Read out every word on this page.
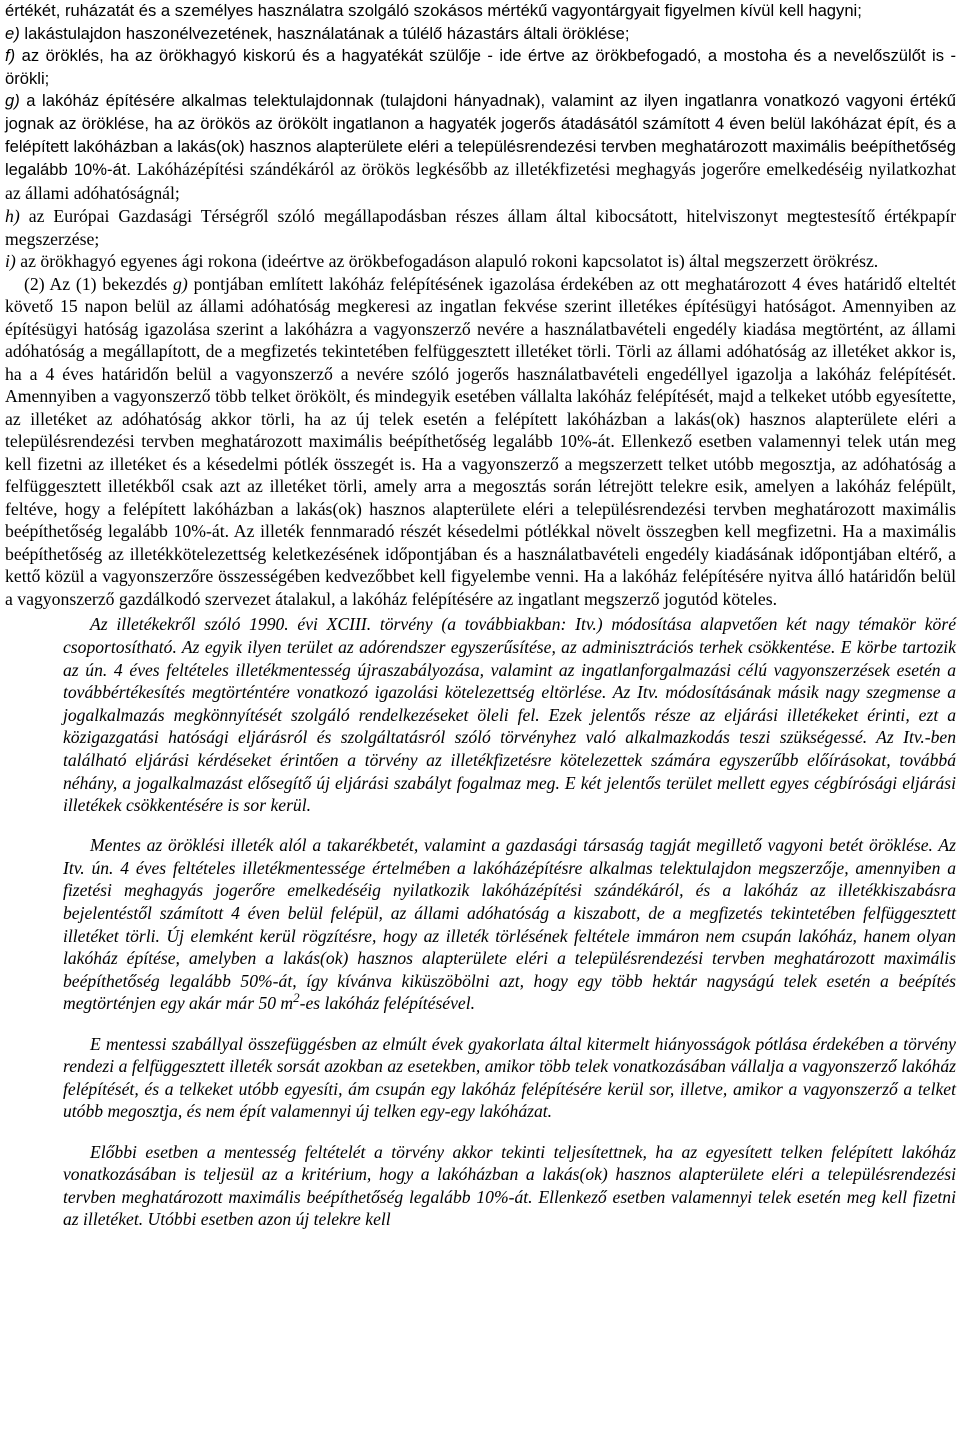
értékét, ruházatát és a személyes használatra szolgáló szokásos mértékű vagyontárgyait figyelmen kívül kell hagyni;

e) lakástulajdon haszonélvezetének, használatának a túlélő házastárs általi öröklése;

f) az öröklés, ha az örökhagyó kiskorú és a hagyatékát szülője - ide értve az örökbefogadó, a mostoha és a nevelőszülőt is - örökli;

g) a lakóház építésére alkalmas telektulajdonnak (tulajdoni hányadnak), valamint az ilyen ingatlanra vonatkozó vagyoni értékű jognak az öröklése, ha az örökös az örökölt ingatlanon a hagyaték jogerős átadásától számított 4 éven belül lakóházat épít, és a felépített lakóházban a lakás(ok) hasznos alapterülete eléri a településrendezési tervben meghatározott maximális beépíthetőség legalább 10%-át. Lakóházépítési szándékáról az örökös legkésőbb az illetékfizetési meghagyás jogerőre emelkedéséig nyilatkozhat az állami adóhatóságnál;

h) az Európai Gazdasági Térségről szóló megállapodásban részes állam által kibocsátott, hitelviszonyt megtestesítő értékpapír megszerzése;

i) az örökhagyó egyenes ági rokona (ideértve az örökbefogadáson alapuló rokoni kapcsolatot is) által megszerzett örökrész.

(2) Az (1) bekezdés g) pontjában említett lakóház felépítésének igazolása érdekében az ott meghatározott 4 éves határidő elteltét követő 15 napon belül az állami adóhatóság megkeresi az ingatlan fekvése szerint illetékes építésügyi hatóságot. Amennyiben az építésügyi hatóság igazolása szerint a lakóházra a vagyonszerző nevére a használatbavételi engedély kiadása megtörtént, az állami adóhatóság a megállapított, de a megfizetés tekintetében felfüggesztett illetéket törli. Törli az állami adóhatóság az illetéket akkor is, ha a 4 éves határidőn belül a vagyonszerző a nevére szóló jogerős használatbavételi engedéllyel igazolja a lakóház felépítését. Amennyiben a vagyonszerző több telket örökölt, és mindegyik esetében vállalta lakóház felépítését, majd a telkeket utóbb egyesítette, az illetéket az adóhatóság akkor törli, ha az új telek esetén a felépített lakóházban a lakás(ok) hasznos alapterülete eléri a településrendezési tervben meghatározott maximális beépíthetőség legalább 10%-át. Ellenkező esetben valamennyi telek után meg kell fizetni az illetéket és a késedelmi pótlék összegét is. Ha a vagyonszerző a megszerzett telket utóbb megosztja, az adóhatóság a felfüggesztett illetékből csak azt az illetéket törli, amely arra a megosztás során létrejött telekre esik, amelyen a lakóház felépült, feltéve, hogy a felépített lakóházban a lakás(ok) hasznos alapterülete eléri a településrendezési tervben meghatározott maximális beépíthetőség legalább 10%-át. Az illeték fennmaradó részét késedelmi pótlékkal növelt összegben kell megfizetni. Ha a maximális beépíthetőség az illetékkötelezettség keletkezésének időpontjában és a használatbavételi engedély kiadásának időpontjában eltérő, a kettő közül a vagyonszerzőre összességében kedvezőbbet kell figyelembe venni. Ha a lakóház felépítésére nyitva álló határidőn belül a vagyonszerző gazdálkodó szervezet átalakul, a lakóház felépítésére az ingatlant megszerző jogutód köteles.

Az illetékekről szóló 1990. évi XCIII. törvény (a továbbiakban: Itv.) módosítása alapvetően két nagy témakör köré csoportosítható. Az egyik ilyen terület az adórendszer egyszerűsítése, az adminisztrációs terhek csökkentése. E körbe tartozik az ún. 4 éves feltételes illetékmentesség újraszabályozása, valamint az ingatlanforgalmazási célú vagyonszerzések esetén a továbbértékesítés megtörténtére vonatkozó igazolási kötelezettség eltörlése. Az Itv. módosításának másik nagy szegmense a jogalkalmazás megkönnyítését szolgáló rendelkezéseket öleli fel. Ezek jelentős része az eljárási illetékeket érinti, ezt a közigazgatási hatósági eljárásról és szolgáltatásról szóló törvényhez való alkalmazkodás teszi szükségessé. Az Itv.-ben található eljárási kérdéseket érintően a törvény az illetékfizetésre kötelezettek számára egyszerűbb előírásokat, továbbá néhány, a jogalkalmazást elősegítő új eljárási szabályt fogalmaz meg. E két jelentős terület mellett egyes cégbírósági eljárási illetékek csökkentésére is sor kerül.

Mentes az öröklési illeték alól a takarékbetét, valamint a gazdasági társaság tagját megillető vagyoni betét öröklése. Az Itv. ún. 4 éves feltételes illetékmentessége értelmében a lakóházépítésre alkalmas telektulajdon megszerzője, amennyiben a fizetési meghagyás jogerőre emelkedéséig nyilatkozik lakóházépítési szándékáról, és a lakóház az illetékkiszabásra bejelentéstől számított 4 éven belül felépül, az állami adóhatóság a kiszabott, de a megfizetés tekintetében felfüggesztett illetéket törli. Új elemként kerül rögzítésre, hogy az illeték törlésének feltétele immáron nem csupán lakóház, hanem olyan lakóház építése, amelyben a lakás(ok) hasznos alapterülete eléri a településrendezési tervben meghatározott maximális beépíthetőség legalább 50%-át, így kívánva kiküszöbölni azt, hogy egy több hektár nagyságú telek esetén a beépítés megtörténjen egy akár már 50 $m^2-es$ lakóház felépítésével.

E mentessi szabállyal összefüggésben az elmúlt évek gyakorlata által kitermelt hiányosságok pótlása érdekében a törvény rendezi a felfüggesztett illeték sorsát azokban az esetekben, amikor több telek vonatkozásában vállalja a vagyonszerző lakóház felépítését, és a telkeket utóbb egyesíti, ám csupán egy lakóház felépítésére kerül sor, illetve, amikor a vagyonszerző a telket utóbb megosztja, és nem épít valamennyi új telken egy-egy lakóházat.

Előbbi esetben a mentesség feltételét a törvény akkor tekinti teljesítettnek, ha az egyesített telken felépített lakóház vonatkozásában is teljesül az a kritérium, hogy a lakóházban a lakás(ok) hasznos alapterülete eléri a településrendezési tervben meghatározott maximális beépíthetőség legalább 10%-át. Ellenkező esetben valamennyi telek esetén meg kell fizetni az illetéket. Utóbbi esetben azon új telekre kell
